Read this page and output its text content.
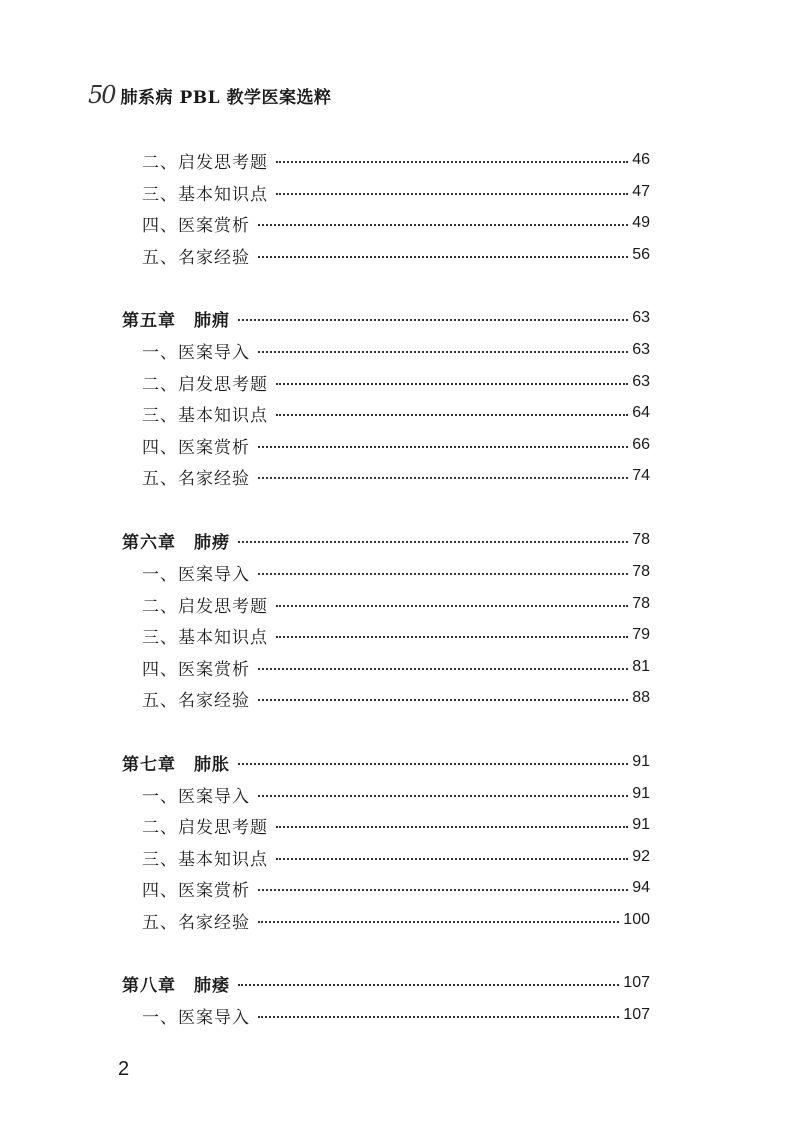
50 肺系病 PBL 教学医案选粹
二、启发思考题	46
三、基本知识点	47
四、医案赏析	49
五、名家经验	56
第五章　肺痈	63
一、医案导入	63
二、启发思考题	63
三、基本知识点	64
四、医案赏析	66
五、名家经验	74
第六章　肺痨	78
一、医案导入	78
二、启发思考题	78
三、基本知识点	79
四、医案赏析	81
五、名家经验	88
第七章　肺胀	91
一、医案导入	91
二、启发思考题	91
三、基本知识点	92
四、医案赏析	94
五、名家经验	100
第八章　肺痿	107
一、医案导入	107
2
